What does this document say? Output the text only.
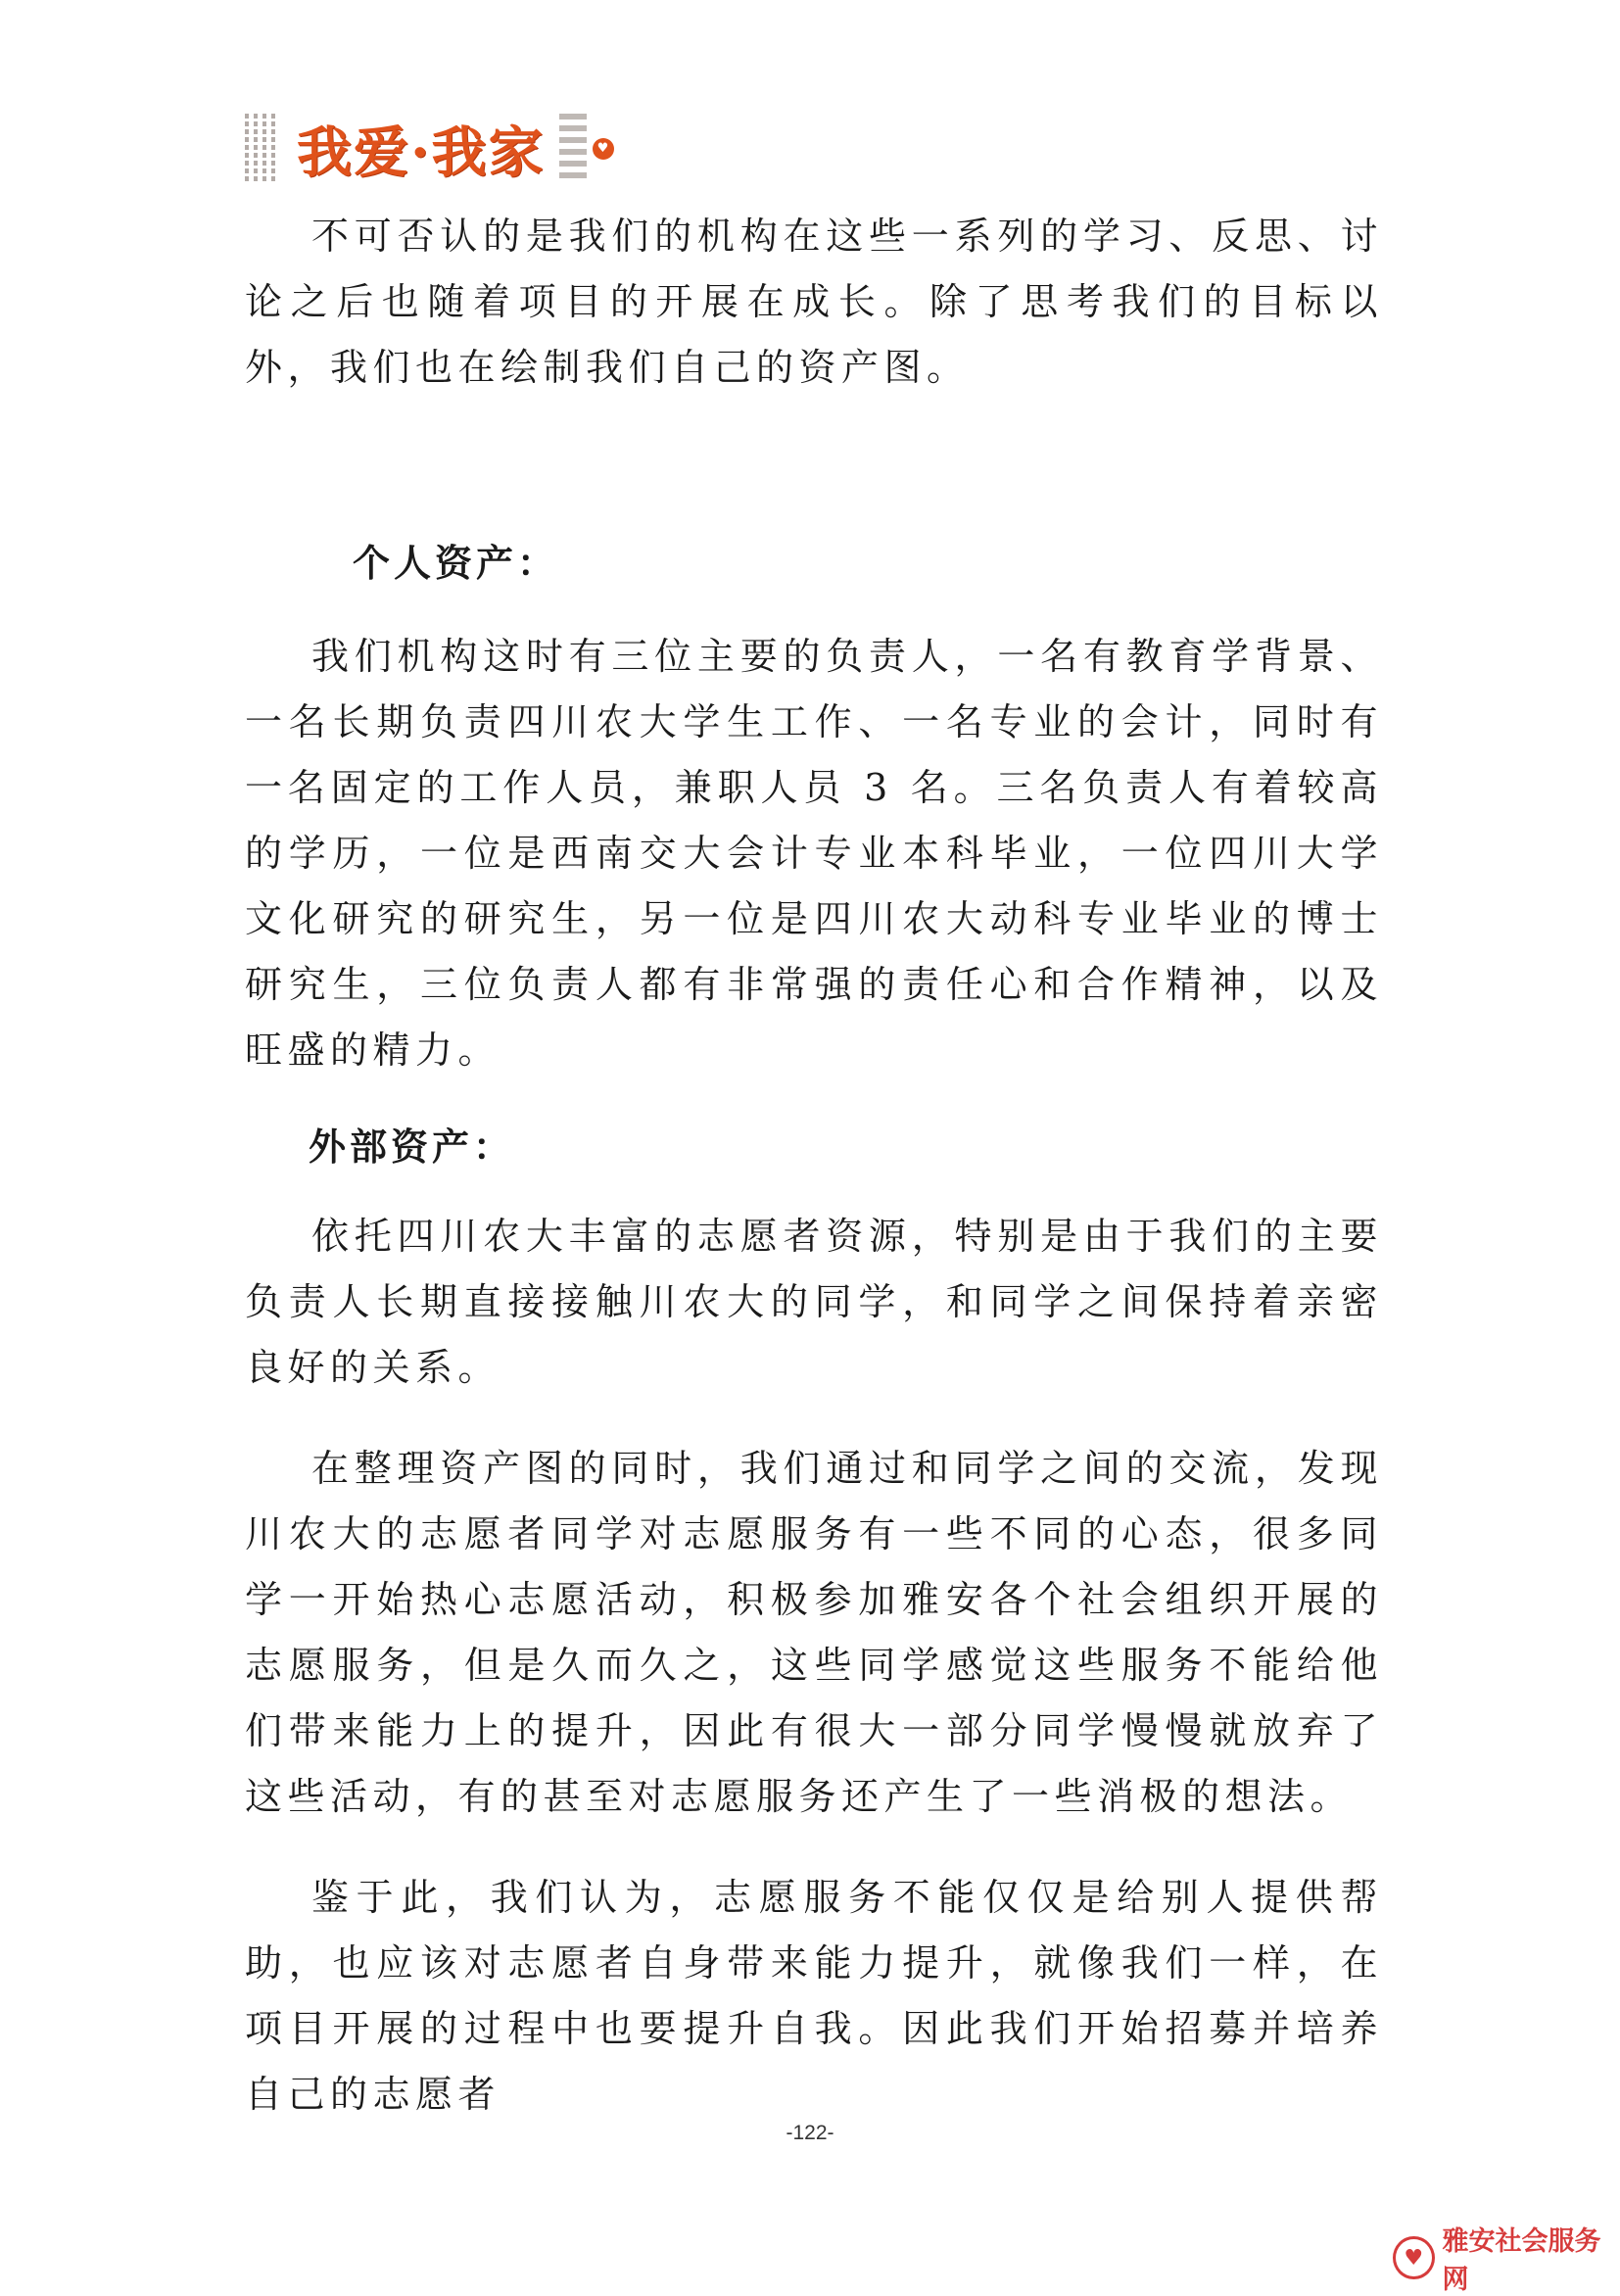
我爱·我家	♥

不可否认的是我们的机构在这些一系列的学习、反思、讨论之后也随着项目的开展在成长。除了思考我们的目标以外，我们也在绘制我们自己的资产图。

个人资产：

我们机构这时有三位主要的负责人，一名有教育学背景、一名长期负责四川农大学生工作、一名专业的会计，同时有一名固定的工作人员，兼职人员 3 名。三名负责人有着较高的学历，一位是西南交大会计专业本科毕业，一位四川大学文化研究的研究生，另一位是四川农大动科专业毕业的博士研究生，三位负责人都有非常强的责任心和合作精神，以及旺盛的精力。

外部资产：

依托四川农大丰富的志愿者资源，特别是由于我们的主要负责人长期直接接触川农大的同学，和同学之间保持着亲密良好的关系。

在整理资产图的同时，我们通过和同学之间的交流，发现川农大的志愿者同学对志愿服务有一些不同的心态，很多同学一开始热心志愿活动，积极参加雅安各个社会组织开展的志愿服务，但是久而久之，这些同学感觉这些服务不能给他们带来能力上的提升，因此有很大一部分同学慢慢就放弃了这些活动，有的甚至对志愿服务还产生了一些消极的想法。

鉴于此，我们认为，志愿服务不能仅仅是给别人提供帮助，也应该对志愿者自身带来能力提升，就像我们一样，在项目开展的过程中也要提升自我。因此我们开始招募并培养自己的志愿者

-122-
♥
雅安社会服务网
